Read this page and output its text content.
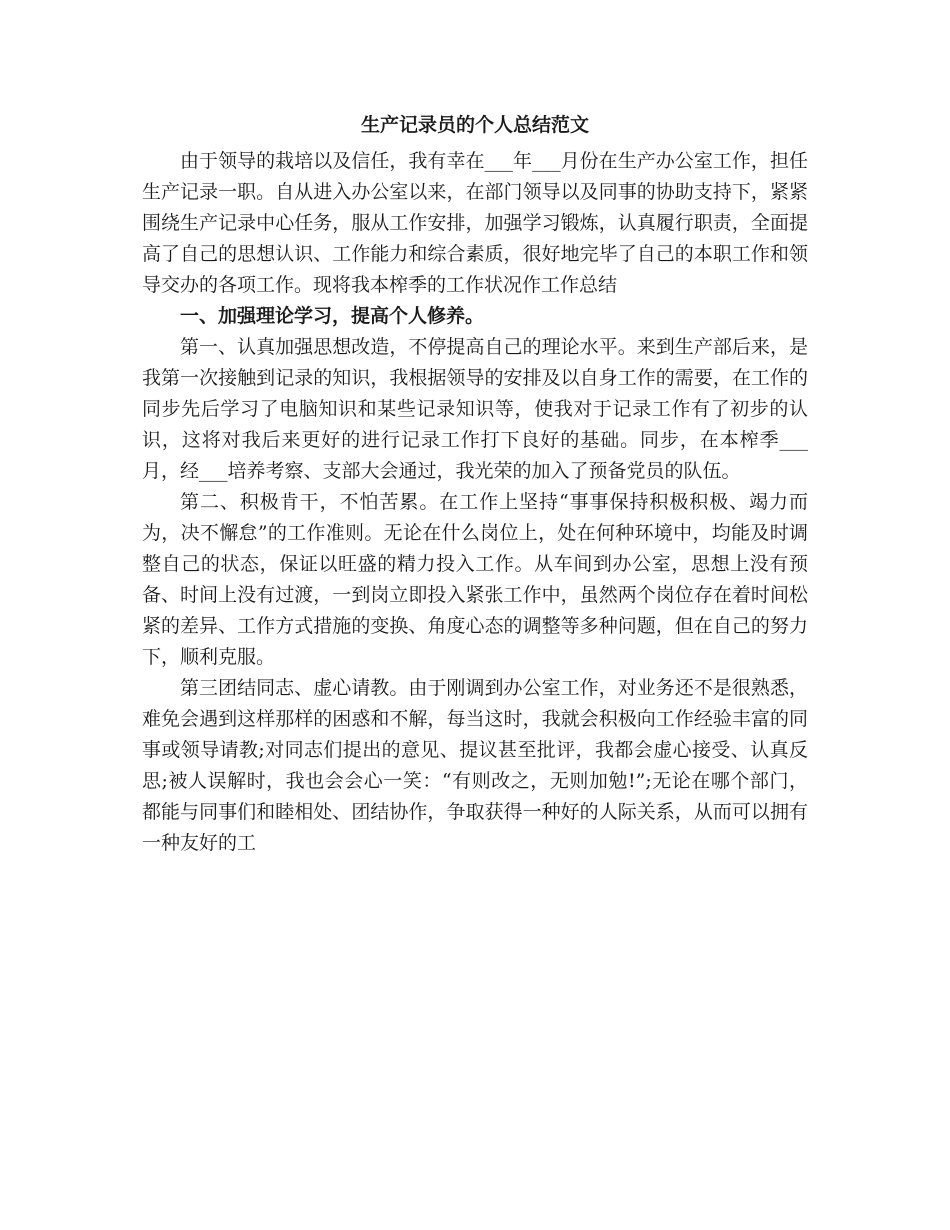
生产记录员的个人总结范文

由于领导的栽培以及信任，我有幸在___年___月份在生产办公室工作，担任生产记录一职。自从进入办公室以来，在部门领导以及同事的协助支持下，紧紧围绕生产记录中心任务，服从工作安排，加强学习锻炼，认真履行职责，全面提高了自己的思想认识、工作能力和综合素质，很好地完毕了自己的本职工作和领导交办的各项工作。现将我本榨季的工作状况作工作总结

一、加强理论学习，提高个人修养。

第一、认真加强思想改造，不停提高自己的理论水平。来到生产部后来，是我第一次接触到记录的知识，我根据领导的安排及以自身工作的需要，在工作的同步先后学习了电脑知识和某些记录知识等，使我对于记录工作有了初步的认识，这将对我后来更好的进行记录工作打下良好的基础。同步，在本榨季___月，经___培养考察、支部大会通过，我光荣的加入了预备党员的队伍。

第二、积极肯干，不怕苦累。在工作上坚持“事事保持积极积极、竭力而为，决不懈怠”的工作准则。无论在什么岗位上，处在何种环境中，均能及时调整自己的状态，保证以旺盛的精力投入工作。从车间到办公室，思想上没有预备、时间上没有过渡，一到岗立即投入紧张工作中，虽然两个岗位存在着时间松紧的差异、工作方式措施的变换、角度心态的调整等多种问题，但在自己的努力下，顺利克服。

第三团结同志、虚心请教。由于刚调到办公室工作，对业务还不是很熟悉，难免会遇到这样那样的困惑和不解，每当这时，我就会积极向工作经验丰富的同事或领导请教;对同志们提出的意见、提议甚至批评，我都会虚心接受、认真反思;被人误解时，我也会会心一笑：“有则改之，无则加勉!”;无论在哪个部门，都能与同事们和睦相处、团结协作，争取获得一种好的人际关系，从而可以拥有一种友好的工
